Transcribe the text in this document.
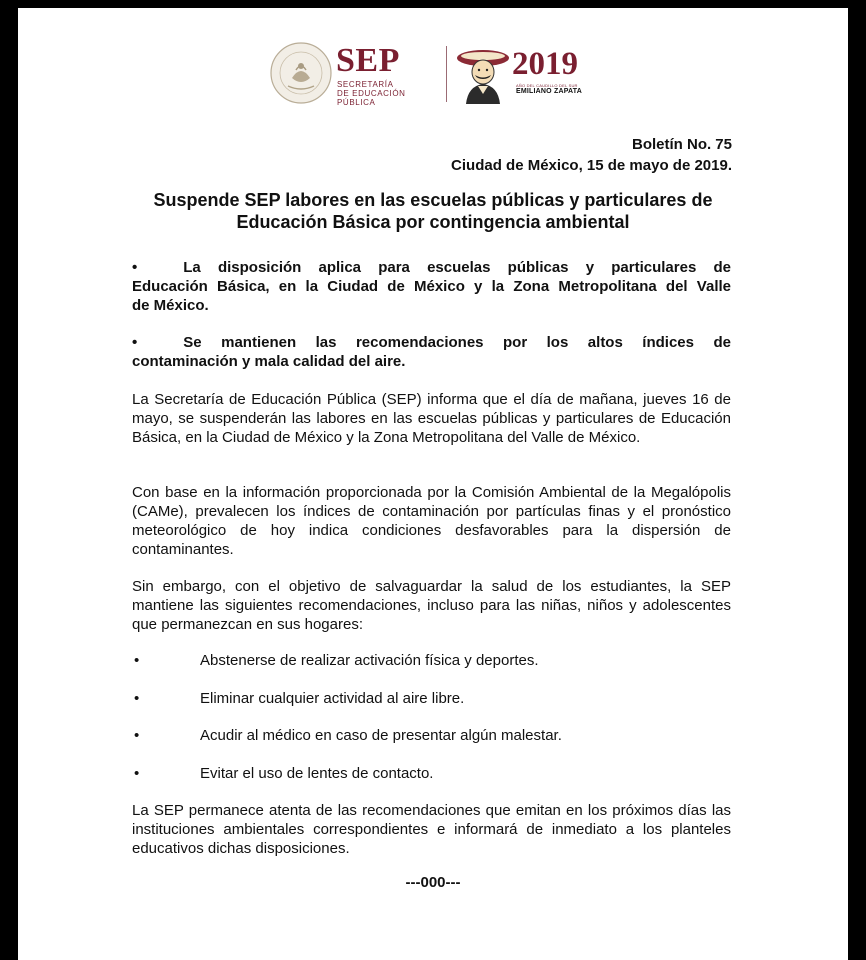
SEP
SECRETARÍA
DE EDUCACIÓN
PÚBLICA
2019
AÑO DEL CAUDILLO DEL SUR
EMILIANO ZAPATA
Boletín No. 75
Ciudad de México, 15 de mayo de 2019.
Suspende SEP labores en las escuelas públicas y particulares de
Educación Básica por contingencia ambiental
•	La disposición aplica para escuelas públicas y particulares de
Educación Básica, en la Ciudad de México y la Zona Metropolitana del Valle
de México.
•	Se mantienen las recomendaciones por los altos índices de
contaminación y mala calidad del aire.
La Secretaría de Educación Pública (SEP) informa que el día de mañana, jueves 16 de mayo, se suspenderán las labores en las escuelas públicas y particulares de Educación Básica, en la Ciudad de México y la Zona Metropolitana del Valle de México.
Con base en la información proporcionada por la Comisión Ambiental de la Megalópolis (CAMe), prevalecen los índices de contaminación por partículas finas y el pronóstico meteorológico de hoy indica condiciones desfavorables para la dispersión de contaminantes.
Sin embargo, con el objetivo de salvaguardar la salud de los estudiantes, la SEP mantiene las siguientes recomendaciones, incluso para las niñas, niños y adolescentes que permanezcan en sus hogares:
•	Abstenerse de realizar activación física y deportes.
•	Eliminar cualquier actividad al aire libre.
•	Acudir al médico en caso de presentar algún malestar.
•	Evitar el uso de lentes de contacto.
La SEP permanece atenta de las recomendaciones que emitan en los próximos días las instituciones ambientales correspondientes e informará de inmediato a los planteles educativos dichas disposiciones.
---000---
